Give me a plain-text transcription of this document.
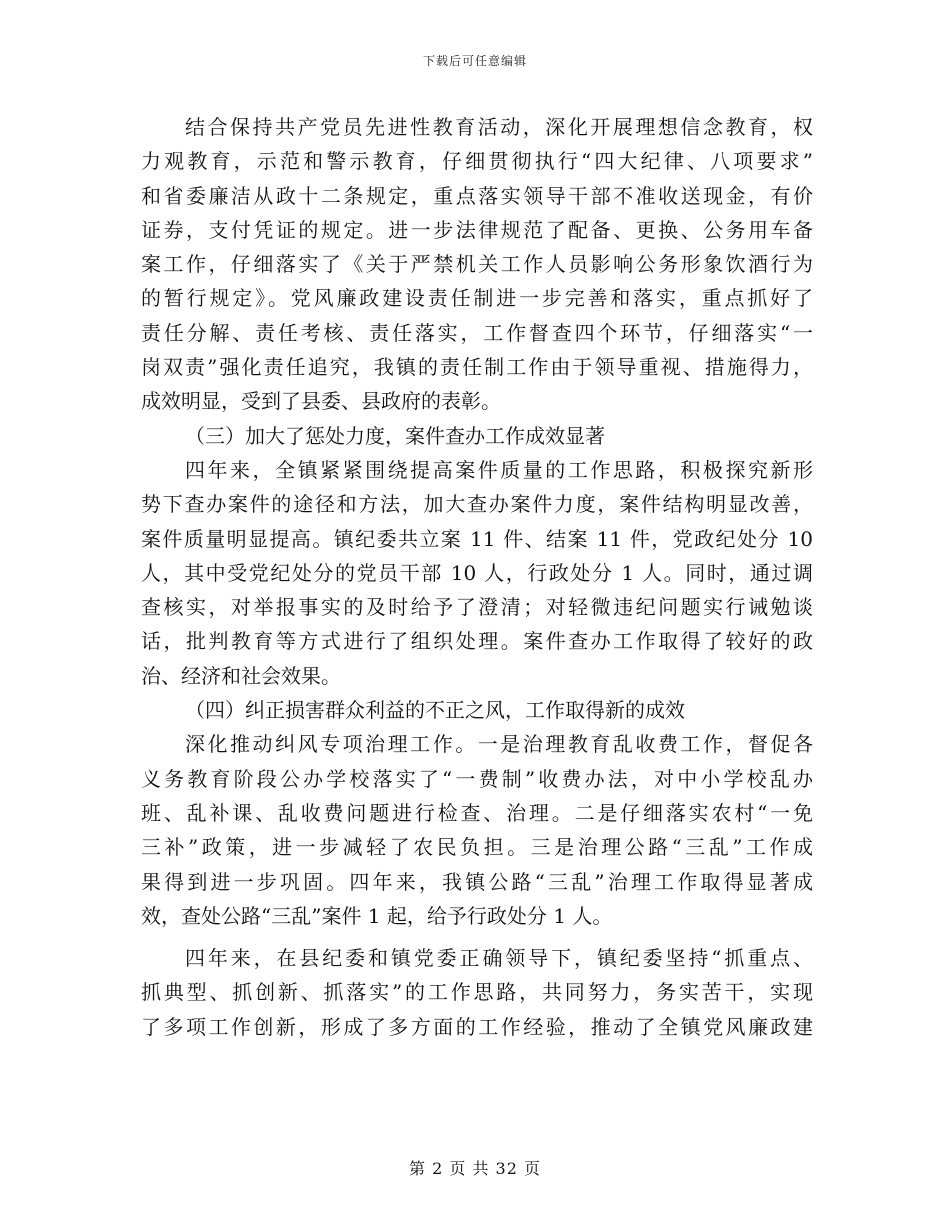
下载后可任意编辑
结合保持共产党员先进性教育活动，深化开展理想信念教育，权
力观教育，示范和警示教育，仔细贯彻执行“四大纪律、八项要求”
和省委廉洁从政十二条规定，重点落实领导干部不准收送现金，有价
证券，支付凭证的规定。进一步法律规范了配备、更换、公务用车备
案工作，仔细落实了《关于严禁机关工作人员影响公务形象饮酒行为
的暂行规定》。党风廉政建设责任制进一步完善和落实，重点抓好了
责任分解、责任考核、责任落实，工作督查四个环节，仔细落实“一
岗双责”强化责任追究，我镇的责任制工作由于领导重视、措施得力，
成效明显，受到了县委、县政府的表彰。
（三）加大了惩处力度，案件查办工作成效显著
四年来，全镇紧紧围绕提高案件质量的工作思路，积极探究新形
势下查办案件的途径和方法，加大查办案件力度，案件结构明显改善，
案件质量明显提高。镇纪委共立案 11 件、结案 11 件，党政纪处分 10
人，其中受党纪处分的党员干部 10 人，行政处分 1 人。同时，通过调
查核实，对举报事实的及时给予了澄清；对轻微违纪问题实行诫勉谈
话，批判教育等方式进行了组织处理。案件查办工作取得了较好的政
治、经济和社会效果。
（四）纠正损害群众利益的不正之风，工作取得新的成效
深化推动纠风专项治理工作。一是治理教育乱收费工作，督促各
义务教育阶段公办学校落实了“一费制”收费办法，对中小学校乱办
班、乱补课、乱收费问题进行检查、治理。二是仔细落实农村“一免
三补”政策，进一步减轻了农民负担。三是治理公路“三乱”工作成
果得到进一步巩固。四年来，我镇公路“三乱”治理工作取得显著成
效，查处公路“三乱”案件 1 起，给予行政处分 1 人。
四年来，在县纪委和镇党委正确领导下，镇纪委坚持“抓重点、
抓典型、抓创新、抓落实”的工作思路，共同努力，务实苦干，实现
了多项工作创新，形成了多方面的工作经验，推动了全镇党风廉政建
第 2 页 共 32 页
